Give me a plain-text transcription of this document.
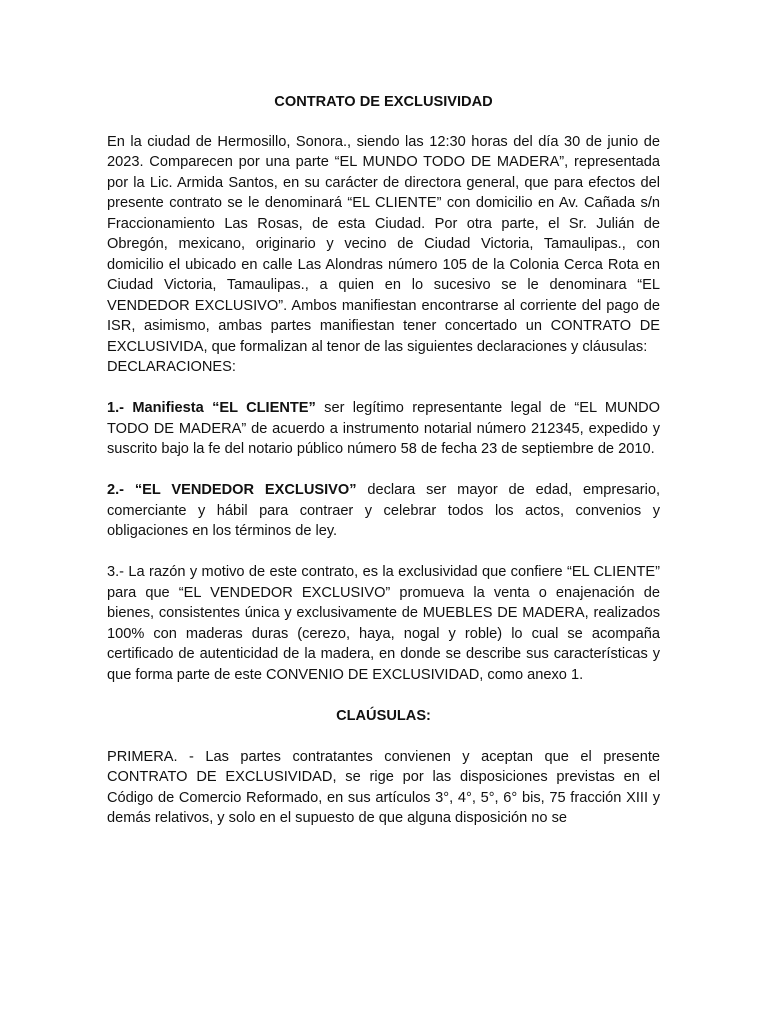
CONTRATO DE EXCLUSIVIDAD

En la ciudad de Hermosillo, Sonora., siendo las 12:30 horas del día 30 de junio de 2023. Comparecen por una parte “EL MUNDO TODO DE MADERA”, representada por la Lic. Armida Santos, en su carácter de directora general, que para efectos del presente contrato se le denominará “EL CLIENTE” con domicilio en Av. Cañada s/n Fraccionamiento Las Rosas, de esta Ciudad. Por otra parte, el Sr. Julián de Obregón, mexicano, originario y vecino de Ciudad Victoria, Tamaulipas., con domicilio el ubicado en calle Las Alondras número 105 de la Colonia Cerca Rota en Ciudad Victoria, Tamaulipas., a quien en lo sucesivo se le denominara “EL VENDEDOR EXCLUSIVO”. Ambos manifiestan encontrarse al corriente del pago de ISR, asimismo, ambas partes manifiestan tener concertado un CONTRATO DE EXCLUSIVIDA, que formalizan al tenor de las siguientes declaraciones y cláusulas:

DECLARACIONES:

1.- Manifiesta “EL CLIENTE” ser legítimo representante legal de “EL MUNDO TODO DE MADERA” de acuerdo a instrumento notarial número 212345, expedido y suscrito bajo la fe del notario público número 58 de fecha 23 de septiembre de 2010.

2.- “EL VENDEDOR EXCLUSIVO” declara ser mayor de edad, empresario, comerciante y hábil para contraer y celebrar todos los actos, convenios y obligaciones en los términos de ley.

3.- La razón y motivo de este contrato, es la exclusividad que confiere “EL CLIENTE” para que “EL VENDEDOR EXCLUSIVO” promueva la venta o enajenación de bienes, consistentes única y exclusivamente de MUEBLES DE MADERA, realizados 100% con maderas duras (cerezo, haya, nogal y roble) lo cual se acompaña certificado de autenticidad de la madera, en donde se describe sus características y que forma parte de este CONVENIO DE EXCLUSIVIDAD, como anexo 1.

CLAÚSULAS:

PRIMERA. - Las partes contratantes convienen y aceptan que el presente CONTRATO DE EXCLUSIVIDAD, se rige por las disposiciones previstas en el Código de Comercio Reformado, en sus artículos 3°, 4°, 5°, 6° bis, 75 fracción XIII y demás relativos, y solo en el supuesto de que alguna disposición no se
